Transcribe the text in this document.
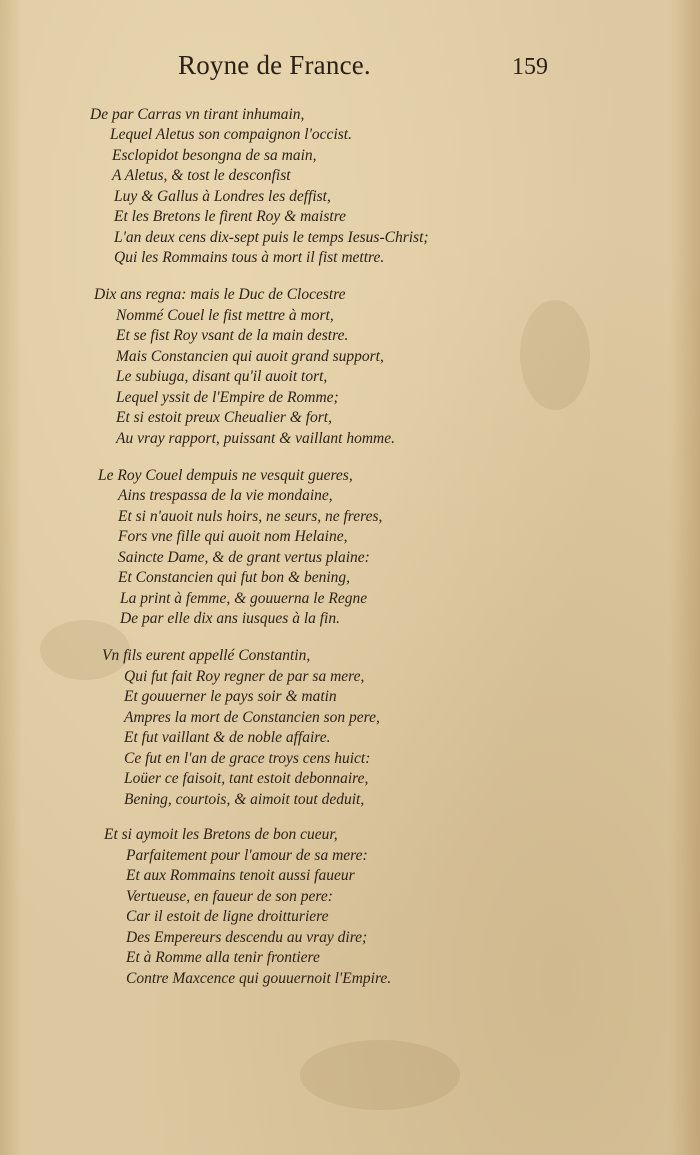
Royne de France.	159
De par Carras vn tirant inhumain,
Lequel Aletus son compaignon l'occist.
Esclopidot besongna de sa main,
A Aletus, & tost le desconfist
Luy & Gallus à Londres les deffist,
Et les Bretons le firent Roy & maistre
L'an deux cens dix-sept puis le temps Iesus-Christ;
Qui les Rommains tous à mort il fist mettre.
Dix ans regna: mais le Duc de Clocestre
Nommé Couel le fist mettre à mort,
Et se fist Roy vsant de la main destre.
Mais Constancien qui auoit grand support,
Le subiuga, disant qu'il auoit tort,
Lequel yssit de l'Empire de Romme;
Et si estoit preux Cheualier & fort,
Au vray rapport, puissant & vaillant homme.
Le Roy Couel dempuis ne vesquit gueres,
Ains trespassa de la vie mondaine,
Et si n'auoit nuls hoirs, ne seurs, ne freres,
Fors vne fille qui auoit nom Helaine,
Saincte Dame, & de grant vertus plaine:
Et Constancien qui fut bon & bening,
La print à femme, & gouuerna le Regne
De par elle dix ans iusques à la fin.
Vn fils eurent appellé Constantin,
Qui fut fait Roy regner de par sa mere,
Et gouuerner le pays soir & matin
Ampres la mort de Constancien son pere,
Et fut vaillant & de noble affaire.
Ce fut en l'an de grace troys cens huict:
Loüer ce faisoit, tant estoit debonnaire,
Bening, courtois, & aimoit tout deduit,
Et si aymoit les Bretons de bon cueur,
Parfaitement pour l'amour de sa mere:
Et aux Rommains tenoit aussi faueur
Vertueuse, en faueur de son pere:
Car il estoit de ligne droitturiere
Des Empereurs descendu au vray dire;
Et à Romme alla tenir frontiere
Contre Maxcence qui gouuernoit l'Empire.
